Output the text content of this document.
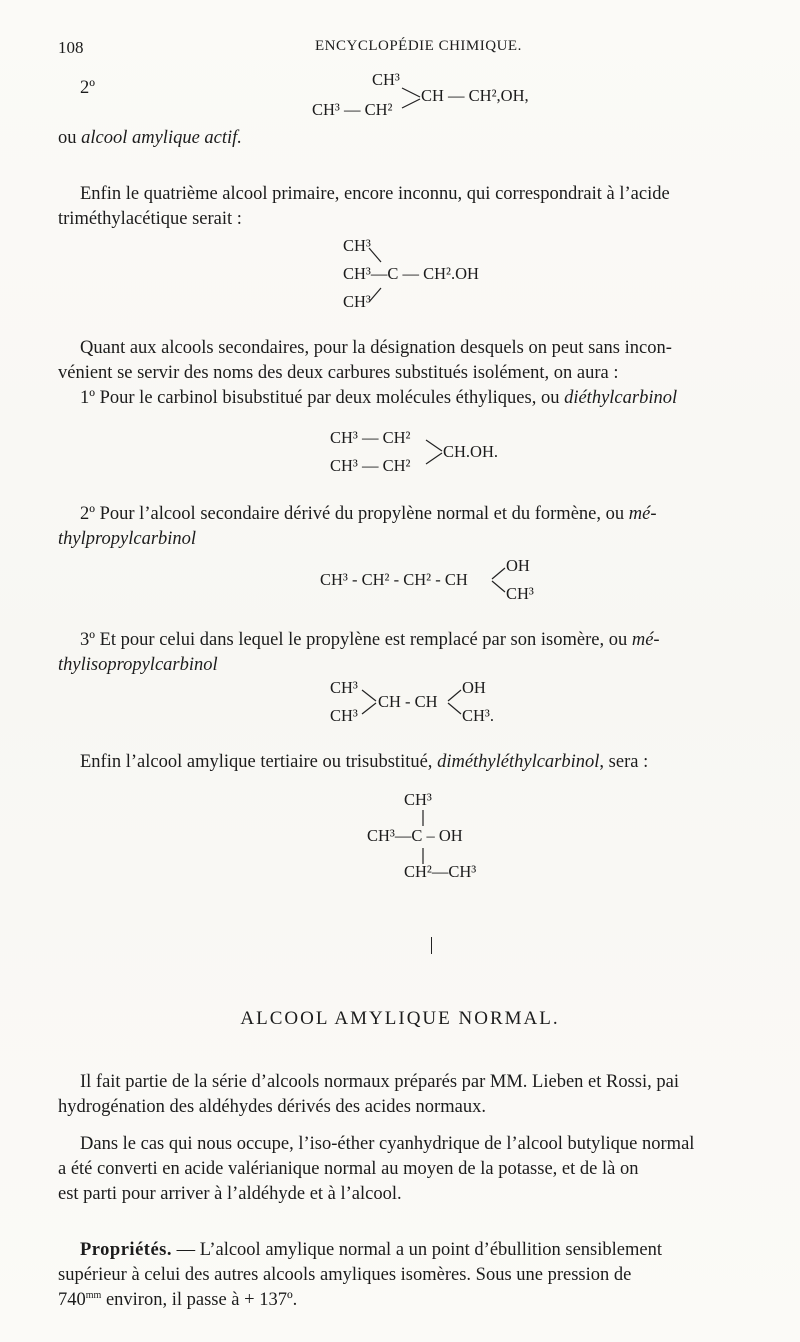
108	ENCYCLOPÉDIE CHIMIQUE.
2º	CH³
CH³ — CH²
CH — CH²,OH,
ou alcool amylique actif.
Enfin le quatrième alcool primaire, encore inconnu, qui correspondrait à l’acide
triméthylacétique serait :
CH³
CH³—C — CH².OH
CH³
Quant aux alcools secondaires, pour la désignation desquels on peut sans incon-
vénient se servir des noms des deux carbures substitués isolément, on aura :
1º Pour le carbinol bisubstitué par deux molécules éthyliques, ou diéthylcarbinol
CH³ — CH²
CH³ — CH²
CH.OH.
2º Pour l’alcool secondaire dérivé du propylène normal et du formène, ou mé-
thylpropylcarbinol
CH³ - CH² - CH² - CH
OH
CH³
3º Et pour celui dans lequel le propylène est remplacé par son isomère, ou mé-
thylisopropylcarbinol
CH³
CH³
CH - CH
OH
CH³.
Enfin l’alcool amylique tertiaire ou trisubstitué, diméthyléthylcarbinol, sera :
CH³
CH³—C – OH
CH²—CH³
ALCOOL AMYLIQUE NORMAL.
Il fait partie de la série d’alcools normaux préparés par MM. Lieben et Rossi, pai
hydrogénation des aldéhydes dérivés des acides normaux.
Dans le cas qui nous occupe, l’iso-éther cyanhydrique de l’alcool butylique normal
a été converti en acide valérianique normal au moyen de la potasse, et de là on
est parti pour arriver à l’aldéhyde et à l’alcool.
Propriétés. — L’alcool amylique normal a un point d’ébullition sensiblement
supérieur à celui des autres alcools amyliques isomères. Sous une pression de
$740^{mm}$ environ, il passe à + 137º.
